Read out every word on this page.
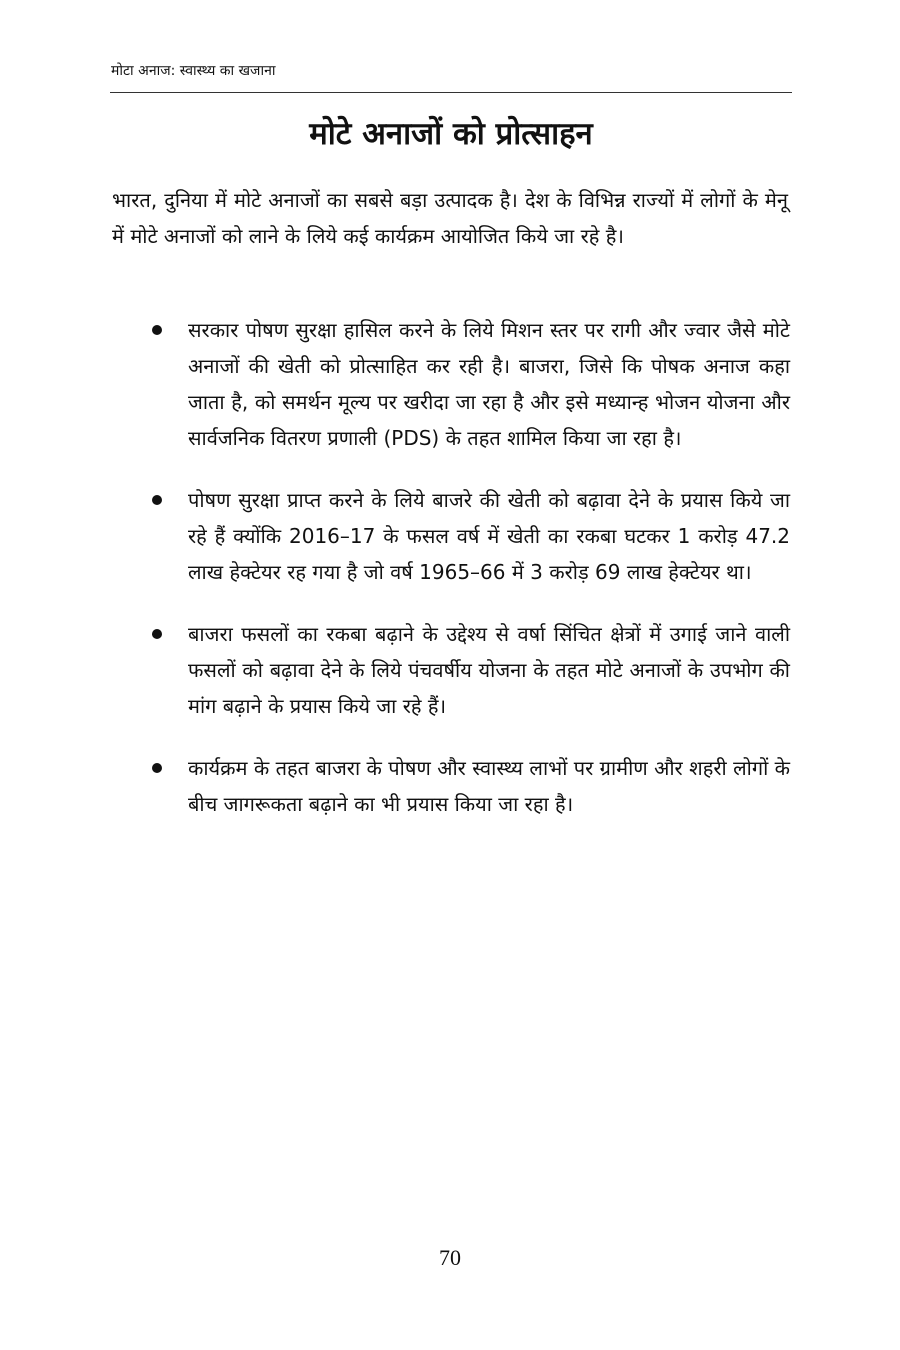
मोटा अनाज: स्वास्थ्य का खजाना
मोटे अनाजों को प्रोत्साहन

भारत, दुनिया में मोटे अनाजों का सबसे बड़ा उत्पादक है। देश के विभिन्न राज्यों में लोगों के मेनू में मोटे अनाजों को लाने के लिये कई कार्यक्रम आयोजित किये जा रहे है।

सरकार पोषण सुरक्षा हासिल करने के लिये मिशन स्तर पर रागी और ज्वार जैसे मोटे अनाजों की खेती को प्रोत्साहित कर रही है। बाजरा, जिसे कि पोषक अनाज कहा जाता है, को समर्थन मूल्य पर खरीदा जा रहा है और इसे मध्यान्ह भोजन योजना और सार्वजनिक वितरण प्रणाली (PDS) के तहत शामिल किया जा रहा है।
पोषण सुरक्षा प्राप्त करने के लिये बाजरे की खेती को बढ़ावा देने के प्रयास किये जा रहे हैं क्योंकि 2016–17 के फसल वर्ष में खेती का रकबा घटकर 1 करोड़ 47.2 लाख हेक्टेयर रह गया है जो वर्ष 1965–66 में 3 करोड़ 69 लाख हेक्टेयर था।
बाजरा फसलों का रकबा बढ़ाने के उद्देश्य से वर्षा सिंचित क्षेत्रों में उगाई जाने वाली फसलों को बढ़ावा देने के लिये पंचवर्षीय योजना के तहत मोटे अनाजों के उपभोग की मांग बढ़ाने के प्रयास किये जा रहे हैं।
कार्यक्रम के तहत बाजरा के पोषण और स्वास्थ्य लाभों पर ग्रामीण और शहरी लोगों के बीच जागरूकता बढ़ाने का भी प्रयास किया जा रहा है।
70
